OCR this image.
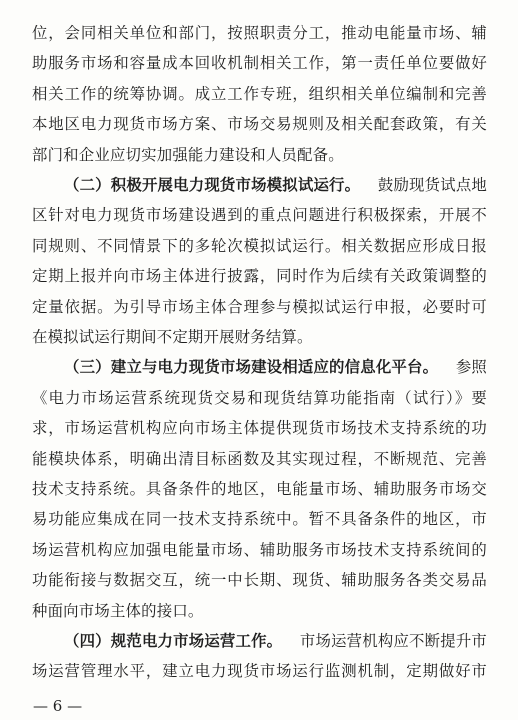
位，会同相关单位和部门，按照职责分工，推动电能量市场、辅
助服务市场和容量成本回收机制相关工作，第一责任单位要做好
相关工作的统筹协调。成立工作专班，组织相关单位编制和完善
本地区电力现货市场方案、市场交易规则及相关配套政策，有关
部门和企业应切实加强能力建设和人员配备。
（二）积极开展电力现货市场模拟试运行。 鼓励现货试点地
区针对电力现货市场建设遇到的重点问题进行积极探索，开展不
同规则、不同情景下的多轮次模拟试运行。相关数据应形成日报
定期上报并向市场主体进行披露，同时作为后续有关政策调整的
定量依据。为引导市场主体合理参与模拟试运行申报，必要时可
在模拟试运行期间不定期开展财务结算。
（三）建立与电力现货市场建设相适应的信息化平台。 参照
《电力市场运营系统现货交易和现货结算功能指南（试行）》要
求，市场运营机构应向市场主体提供现货市场技术支持系统的功
能模块体系，明确出清目标函数及其实现过程，不断规范、完善
技术支持系统。具备条件的地区，电能量市场、辅助服务市场交
易功能应集成在同一技术支持系统中。暂不具备条件的地区，市
场运营机构应加强电能量市场、辅助服务市场技术支持系统间的
功能衔接与数据交互，统一中长期、现货、辅助服务各类交易品
种面向市场主体的接口。
— 6 —
（四）规范电力市场运营工作。 市场运营机构应不断提升市
场运营管理水平，建立电力现货市场运行监测机制，定期做好市
